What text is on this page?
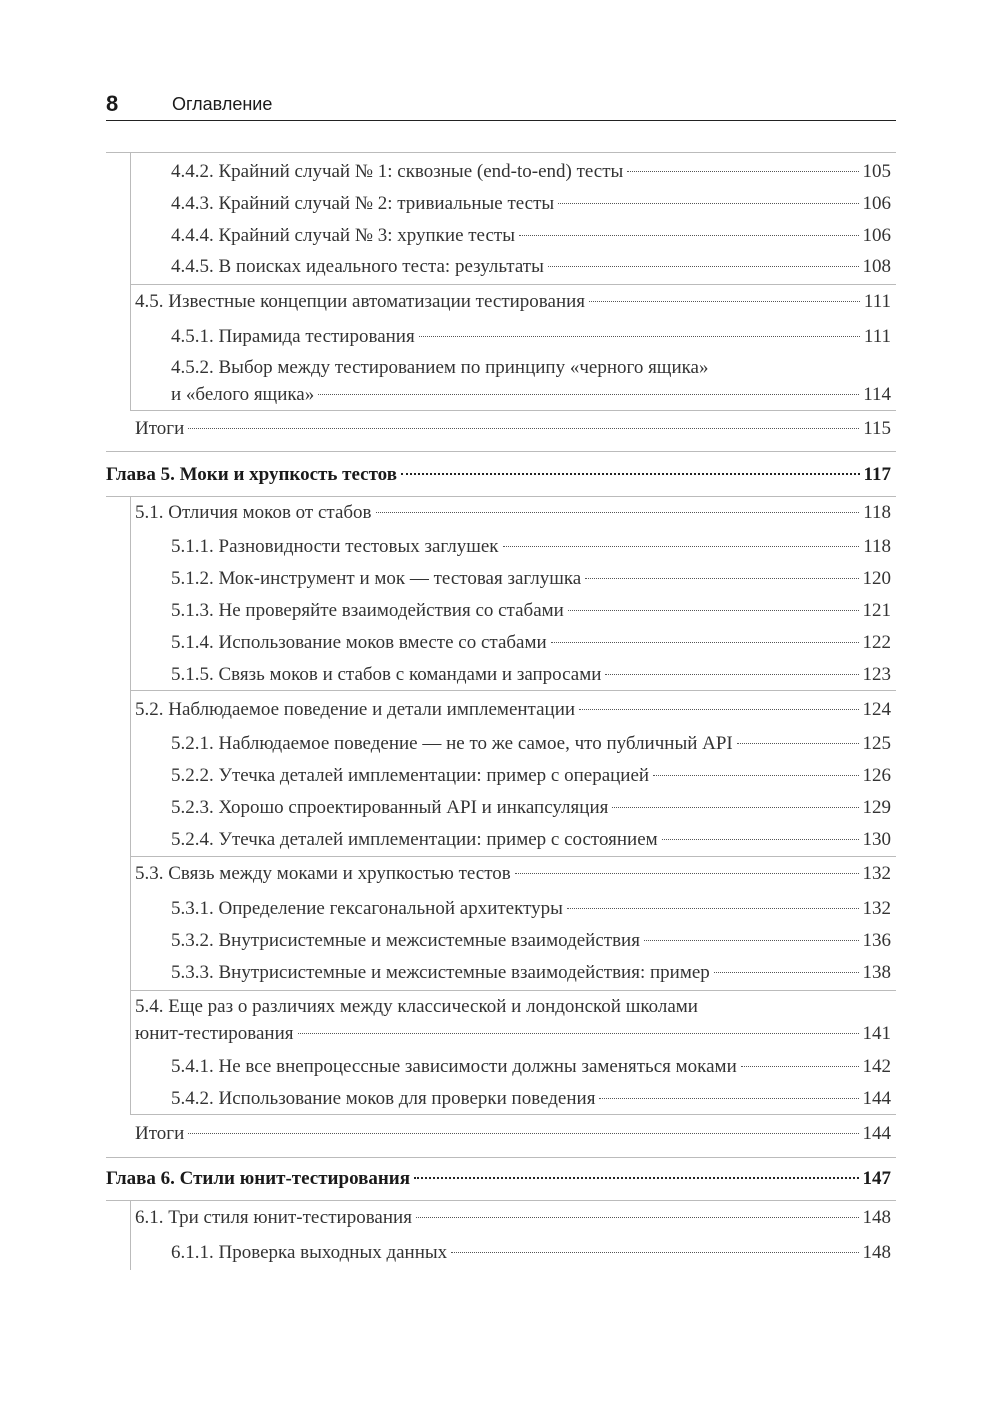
8	Оглавление
4.4.2. Крайний случай № 1: сквозные (end-to-end) тесты	105
4.4.3. Крайний случай № 2: тривиальные тесты	106
4.4.4. Крайний случай № 3: хрупкие тесты	106
4.4.5. В поисках идеального теста: результаты	108
4.5. Известные концепции автоматизации тестирования	111
4.5.1. Пирамида тестирования	111
4.5.2. Выбор между тестированием по принципу «черного ящика»
и «белого ящика»	114
Итоги	115
Глава 5. Моки и хрупкость тестов	117
5.1. Отличия моков от стабов	118
5.1.1. Разновидности тестовых заглушек	118
5.1.2. Мок-инструмент и мок — тестовая заглушка	120
5.1.3. Не проверяйте взаимодействия со стабами	121
5.1.4. Использование моков вместе со стабами	122
5.1.5. Связь моков и стабов с командами и запросами	123
5.2. Наблюдаемое поведение и детали имплементации	124
5.2.1. Наблюдаемое поведение — не то же самое, что публичный API	125
5.2.2. Утечка деталей имплементации: пример с операцией	126
5.2.3. Хорошо спроектированный API и инкапсуляция	129
5.2.4. Утечка деталей имплементации: пример с состоянием	130
5.3. Связь между моками и хрупкостью тестов	132
5.3.1. Определение гексагональной архитектуры	132
5.3.2. Внутрисистемные и межсистемные взаимодействия	136
5.3.3. Внутрисистемные и межсистемные взаимодействия: пример	138
5.4. Еще раз о различиях между классической и лондонской школами
юнит-тестирования	141
5.4.1. Не все внепроцессные зависимости должны заменяться моками	142
5.4.2. Использование моков для проверки поведения	144
Итоги	144
Глава 6. Стили юнит-тестирования	147
6.1. Три стиля юнит-тестирования	148
6.1.1. Проверка выходных данных	148
